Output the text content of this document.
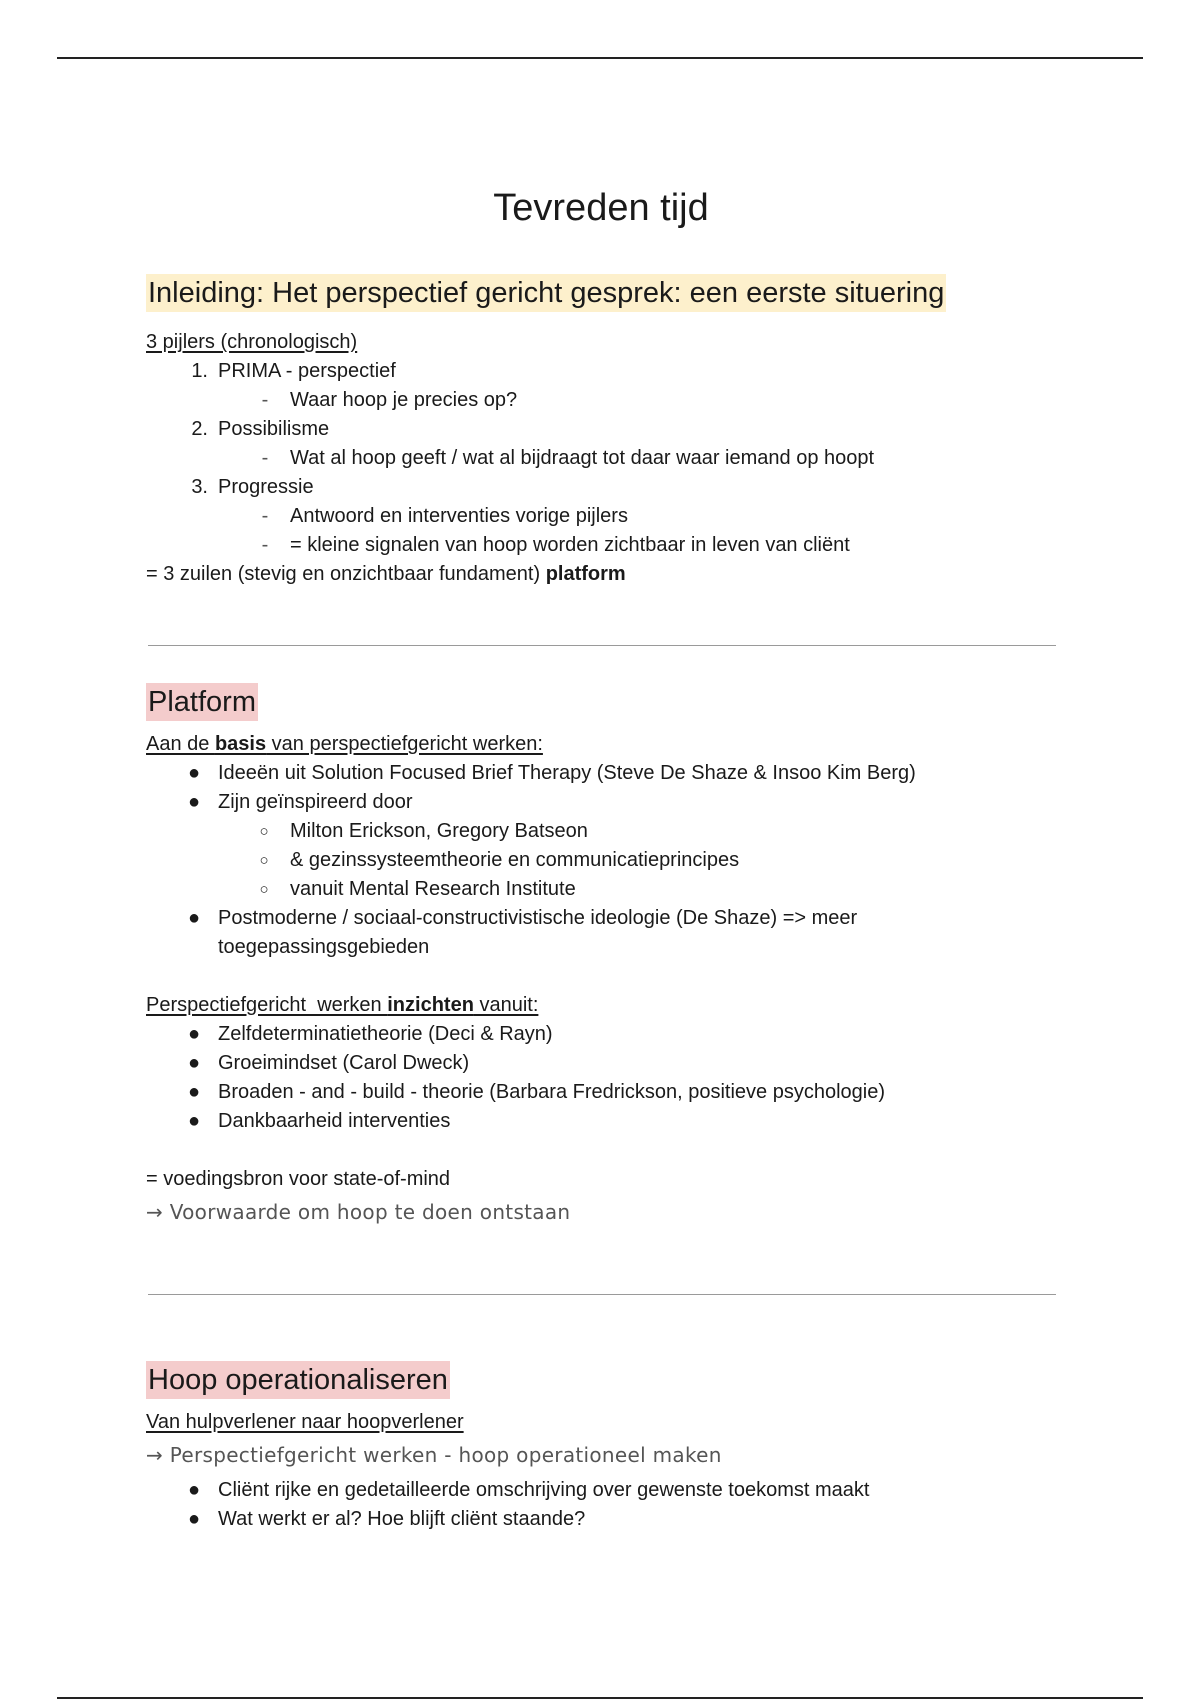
Tevreden tijd
Inleiding: Het perspectief gericht gesprek: een eerste situering
3 pijlers (chronologisch)
1. PRIMA - perspectief
-	Waar hoop je precies op?
2. Possibilisme
-	Wat al hoop geeft / wat al bijdraagt tot daar waar iemand op hoopt
3. Progressie
-	Antwoord en interventies vorige pijlers
-	= kleine signalen van hoop worden zichtbaar in leven van cliënt
= 3 zuilen (stevig en onzichtbaar fundament) platform
Platform
Aan de basis van perspectiefgericht werken:
● Ideeën uit Solution Focused Brief Therapy (Steve De Shaze & Insoo Kim Berg)
● Zijn geïnspireerd door
○ Milton Erickson, Gregory Batseon
○ & gezinssysteemtheorie en communicatieprincipes
○ vanuit Mental Research Institute
● Postmoderne / sociaal-constructivistische ideologie (De Shaze) => meer toegepassingsgebieden
Perspectiefgericht  werken inzichten vanuit:
● Zelfdeterminatietheorie (Deci & Rayn)
● Groeimindset (Carol Dweck)
● Broaden - and - build - theorie (Barbara Fredrickson, positieve psychologie)
● Dankbaarheid interventies
= voedingsbron voor state-of-mind
→ Voorwaarde om hoop te doen ontstaan
Hoop operationaliseren
Van hulpverlener naar hoopverlener
→ Perspectiefgericht werken - hoop operationeel maken
● Cliënt rijke en gedetailleerde omschrijving over gewenste toekomst maakt
● Wat werkt er al? Hoe blijft cliënt staande?
